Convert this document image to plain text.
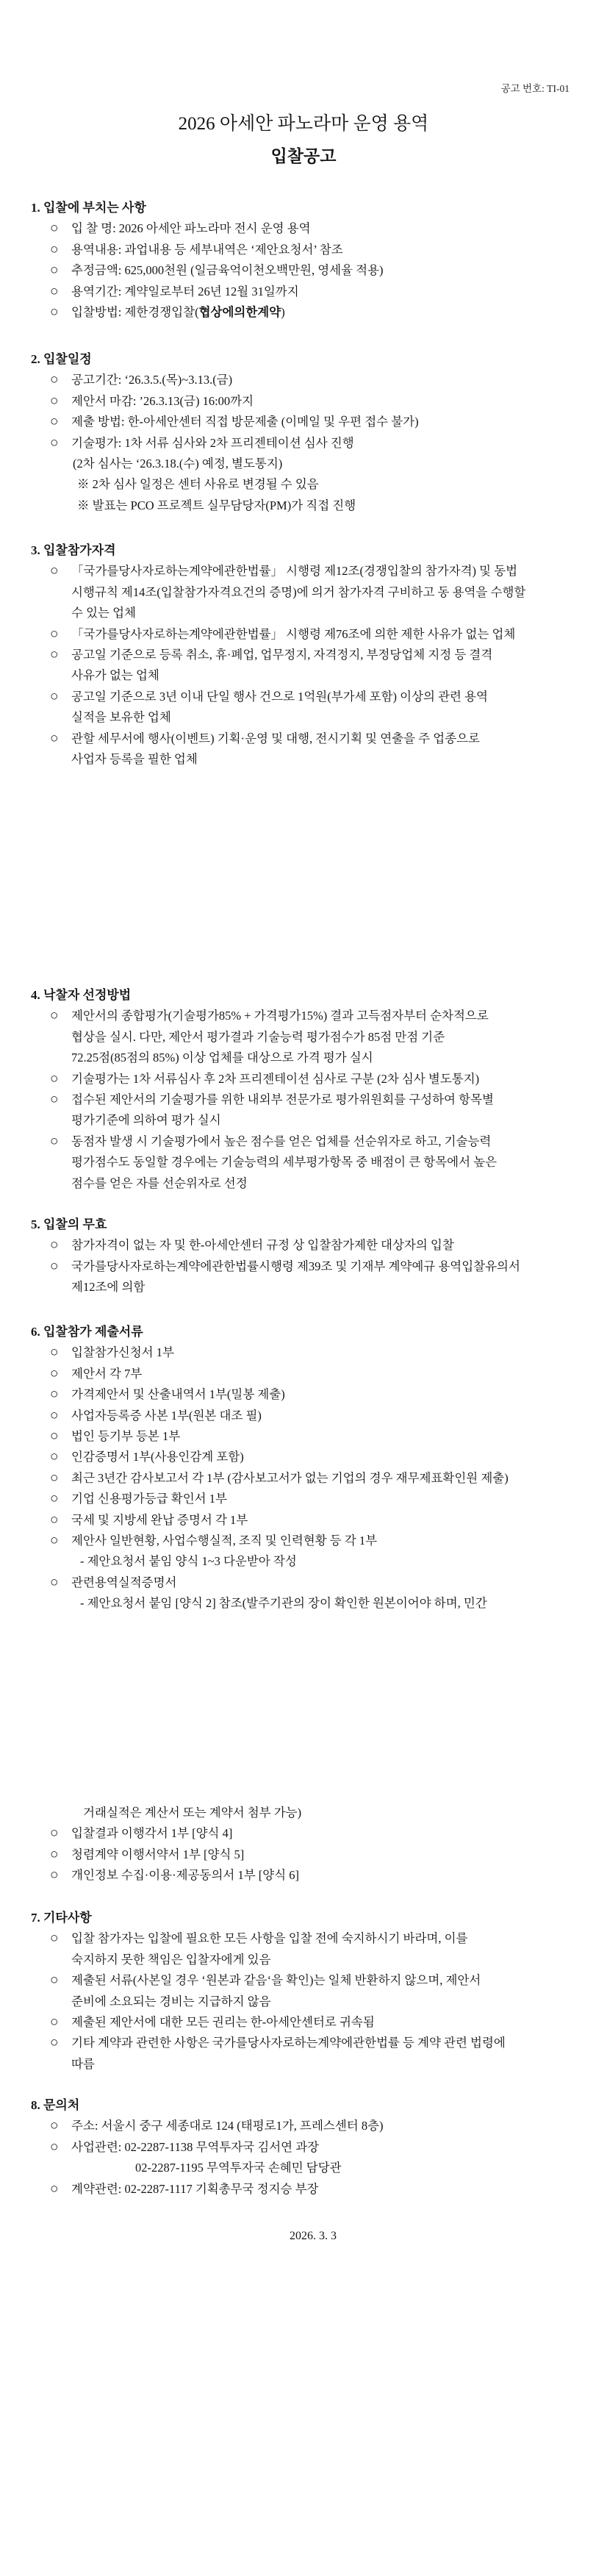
공고 번호: TI-01
2026 아세안 파노라마 운영 용역
입찰공고
1. 입찰에 부치는 사항
○ 입 찰 명: 2026 아세안 파노라마 전시 운영 용역
○ 용역내용: 과업내용 등 세부내역은 ‘제안요청서’ 참조
○ 추정금액: 625,000천원 (일금육억이천오백만원, 영세율 적용)
○ 용역기간: 계약일로부터 26년 12월 31일까지
○ 입찰방법: 제한경쟁입찰(협상에의한계약)
2. 입찰일정
○ 공고기간: ‘26.3.5.(목)~3.13.(금)
○ 제안서 마감: ’26.3.13(금) 16:00까지
○ 제출 방법: 한-아세안센터 직접 방문제출 (이메일 및 우편 접수 불가)
○ 기술평가: 1차 서류 심사와 2차 프리젠테이션 심사 진행
(2차 심사는 ‘26.3.18.(수) 예정, 별도통지)
※ 2차 심사 일정은 센터 사유로 변경될 수 있음
※ 발표는 PCO 프로젝트 실무담당자(PM)가 직접 진행
3. 입찰참가자격
○ 「국가를당사자로하는계약에관한법률」 시행령 제12조(경쟁입찰의 참가자격) 및 동법
시행규칙 제14조(입찰참가자격요건의 증명)에 의거 참가자격 구비하고 동 용역을 수행할
수 있는 업체
○ 「국가를당사자로하는계약에관한법률」 시행령 제76조에 의한 제한 사유가 없는 업체
○ 공고일 기준으로 등록 취소, 휴·폐업, 업무정지, 자격정지, 부정당업체 지정 등 결격
사유가 없는 업체
○ 공고일 기준으로 3년 이내 단일 행사 건으로 1억원(부가세 포함) 이상의 관련 용역
실적을 보유한 업체
○ 관할 세무서에 행사(이벤트) 기획·운영 및 대행, 전시기획 및 연출을 주 업종으로
사업자 등록을 필한 업체
4. 낙찰자 선정방법
○ 제안서의 종합평가(기술평가85% + 가격평가15%) 결과 고득점자부터 순차적으로
협상을 실시. 다만, 제안서 평가결과 기술능력 평가점수가 85점 만점 기준
72.25점(85점의 85%) 이상 업체를 대상으로 가격 평가 실시
○ 기술평가는 1차 서류심사 후 2차 프리젠테이션 심사로 구분 (2차 심사 별도통지)
○ 접수된 제안서의 기술평가를 위한 내외부 전문가로 평가위원회를 구성하여 항목별
평가기준에 의하여 평가 실시
○ 동점자 발생 시 기술평가에서 높은 점수를 얻은 업체를 선순위자로 하고, 기술능력
평가점수도 동일할 경우에는 기술능력의 세부평가항목 중 배점이 큰 항목에서 높은
점수를 얻은 자를 선순위자로 선정
5. 입찰의 무효
○ 참가자격이 없는 자 및 한-아세안센터 규정 상 입찰참가제한 대상자의 입찰
○ 국가를당사자로하는계약에관한법률시행령 제39조 및 기재부 계약예규 용역입찰유의서
제12조에 의함
6. 입찰참가 제출서류
○ 입찰참가신청서 1부
○ 제안서 각 7부
○ 가격제안서 및 산출내역서 1부(밀봉 제출)
○ 사업자등록증 사본 1부(원본 대조 필)
○ 법인 등기부 등본 1부
○ 인감증명서 1부(사용인감계 포함)
○ 최근 3년간 감사보고서 각 1부 (감사보고서가 없는 기업의 경우 재무제표확인원 제출)
○ 기업 신용평가등급 확인서 1부
○ 국세 및 지방세 완납 증명서 각 1부
○ 제안사 일반현황, 사업수행실적, 조직 및 인력현황 등 각 1부
- 제안요청서 붙임 양식 1~3 다운받아 작성
○ 관련용역실적증명서
- 제안요청서 붙임 [양식 2] 참조(발주기관의 장이 확인한 원본이어야 하며, 민간
거래실적은 계산서 또는 계약서 첨부 가능)
○ 입찰결과 이행각서 1부 [양식 4]
○ 청렴계약 이행서약서 1부 [양식 5]
○ 개인정보 수집·이용·제공동의서 1부 [양식 6]
7. 기타사항
○ 입찰 참가자는 입찰에 필요한 모든 사항을 입찰 전에 숙지하시기 바라며, 이를
숙지하지 못한 책임은 입찰자에게 있음
○ 제출된 서류(사본일 경우 ‘원본과 같음‘을 확인)는 일체 반환하지 않으며, 제안서
준비에 소요되는 경비는 지급하지 않음
○ 제출된 제안서에 대한 모든 권리는 한-아세안센터로 귀속됨
○ 기타 계약과 관련한 사항은 국가를당사자로하는계약에관한법률 등 계약 관련 법령에
따름
8. 문의처
○ 주소: 서울시 중구 세종대로 124 (태평로1가, 프레스센터 8층)
○ 사업관련: 02-2287-1138 무역투자국 김서연 과장
02-2287-1195 무역투자국 손혜민 담당관
○ 계약관련: 02-2287-1117 기획총무국 정지승 부장
2026. 3. 3
